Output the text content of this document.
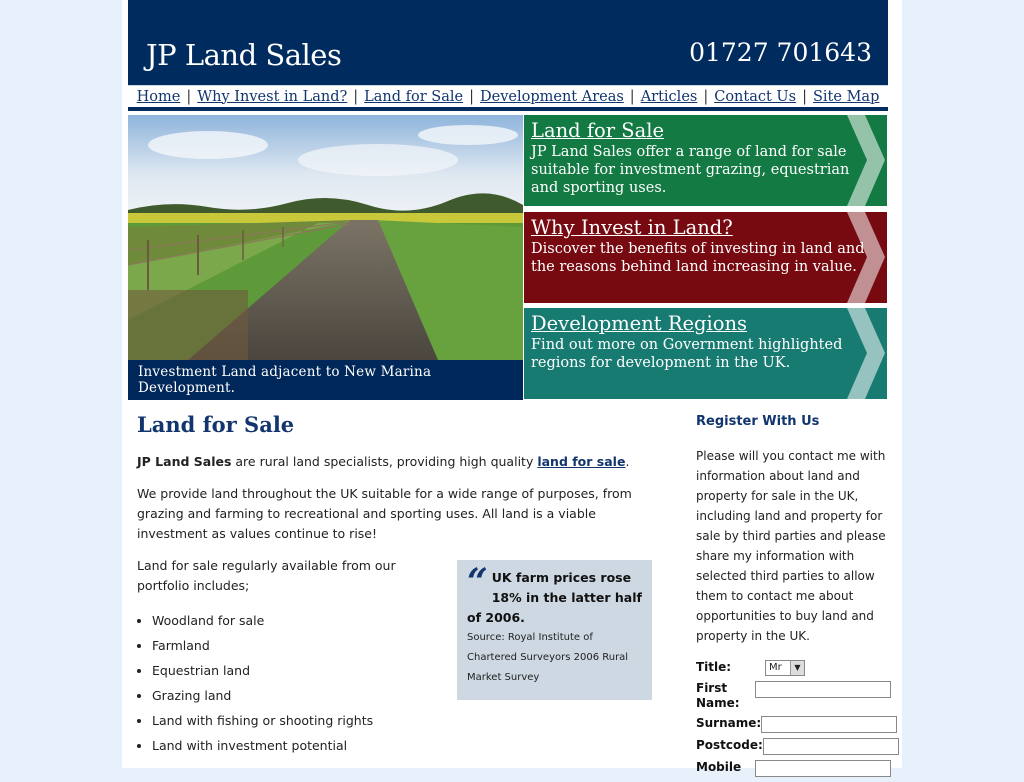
JP Land Sales	01727 701643
Home | Why Invest in Land? | Land for Sale | Development Areas | Articles | Contact Us | Site Map
Investment Land adjacent to New Marina Development.
Land for Sale
JP Land Sales offer a range of land for sale suitable for investment grazing, equestrian and sporting uses.
Why Invest in Land?
Discover the benefits of investing in land and the reasons behind land increasing in value.
Development Regions
Find out more on Government highlighted regions for development in the UK.
Land for Sale

JP Land Sales are rural land specialists, providing high quality land for sale.

We provide land throughout the UK suitable for a wide range of purposes, from grazing and farming to recreational and sporting uses. All land is a viable investment as values continue to rise!

Land for sale regularly available from our portfolio includes;

• Woodland for sale
• Farmland
• Equestrian land
• Grazing land
• Land with fishing or shooting rights
• Land with investment potential
“ UK farm prices rose 18% in the latter half of 2006.
Source: Royal Institute of Chartered Surveyors 2006 Rural Market Survey
Register With Us

Please will you contact me with information about land and property for sale in the UK, including land and property for sale by third parties and please share my information with selected third parties to allow them to contact me about opportunities to buy land and property in the UK.

Title:	Mr	▼
First Name:
Surname:
Postcode:
Mobile
